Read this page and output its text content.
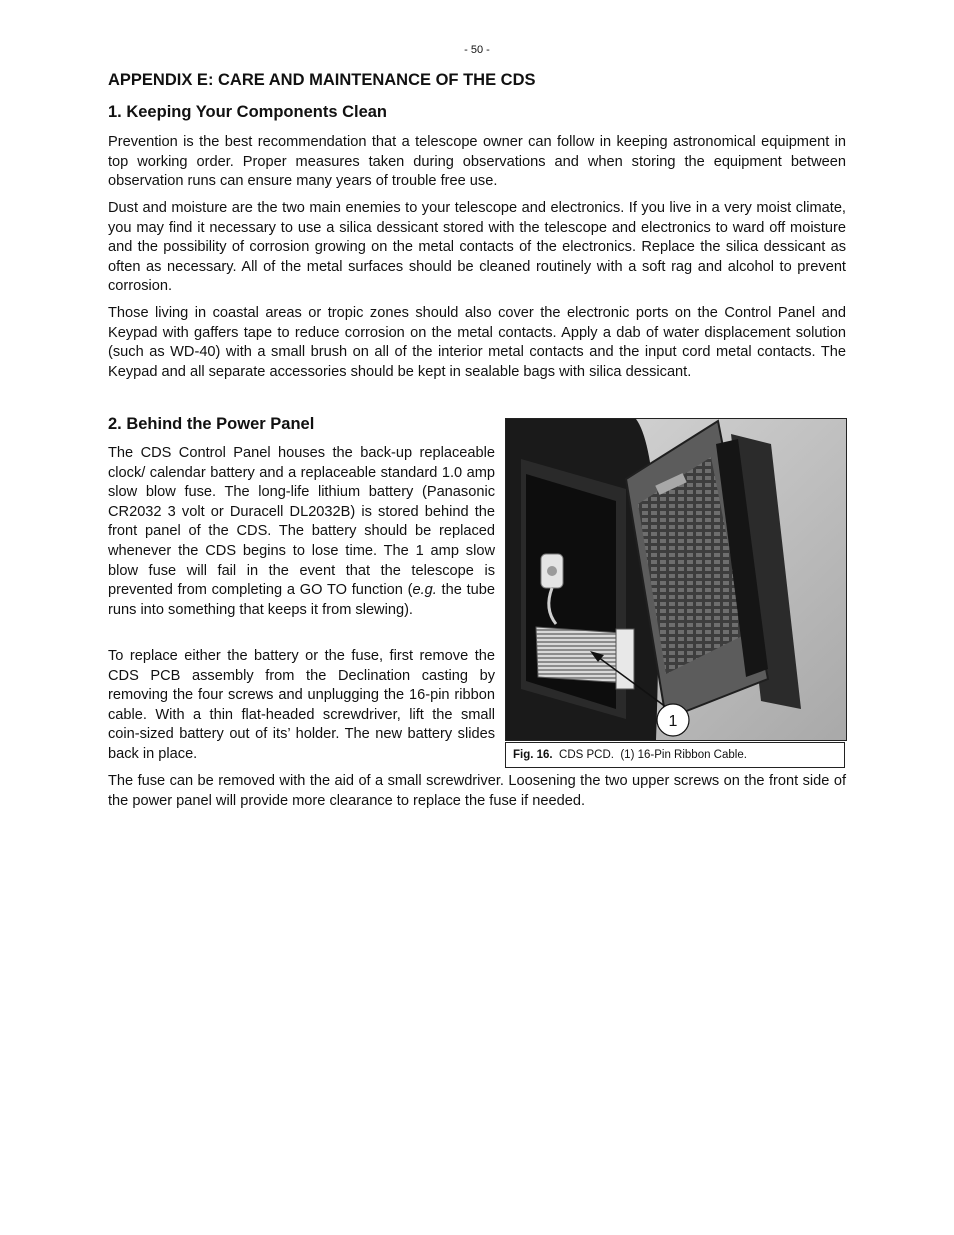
- 50 -
APPENDIX E: CARE AND MAINTENANCE OF THE CDS
1. Keeping Your Components Clean

Prevention is the best recommendation that a telescope owner can follow in keeping astronomical equipment in top working order. Proper measures taken during observations and when storing the equipment between observation runs can ensure many years of trouble free use.

Dust and moisture are the two main enemies to your telescope and electronics. If you live in a very moist climate, you may find it necessary to use a silica dessicant stored with the telescope and electronics to ward off moisture and the possibility of corrosion growing on the metal contacts of the electronics. Replace the silica dessicant as often as necessary. All of the metal surfaces should be cleaned routinely with a soft rag and alcohol to prevent corrosion.

Those living in coastal areas or tropic zones should also cover the electronic ports on the Control Panel and Keypad with gaffers tape to reduce corrosion on the metal contacts. Apply a dab of water displacement solution (such as WD-40) with a small brush on all of the interior metal contacts and the input cord metal contacts. The Keypad and all separate accessories should be kept in sealable bags with silica dessicant.

2. Behind the Power Panel

The CDS Control Panel houses the back-up replaceable clock/ calendar battery and a replaceable standard 1.0 amp slow blow fuse. The long-life lithium battery (Panasonic CR2032 3 volt or Duracell DL2032B) is stored behind the front panel of the CDS. The battery should be replaced whenever the CDS begins to lose time. The 1 amp slow blow fuse will fail in the event that the telescope is prevented from completing a GO TO function (e.g. the tube runs into something that keeps it from slewing).

To replace either the battery or the fuse, first remove the CDS PCB assembly from the Declination casting by removing the four screws and unplugging the 16-pin ribbon cable. With a thin flat-headed screwdriver, lift the small coin-sized battery out of its’ holder. The new battery slides back in place.

The fuse can be removed with the aid of a small screwdriver. Loosening the two upper screws on the front side of the power panel will provide more clearance to replace the fuse if needed.

1
Fig. 16.  CDS PCD.  (1) 16-Pin Ribbon Cable.
